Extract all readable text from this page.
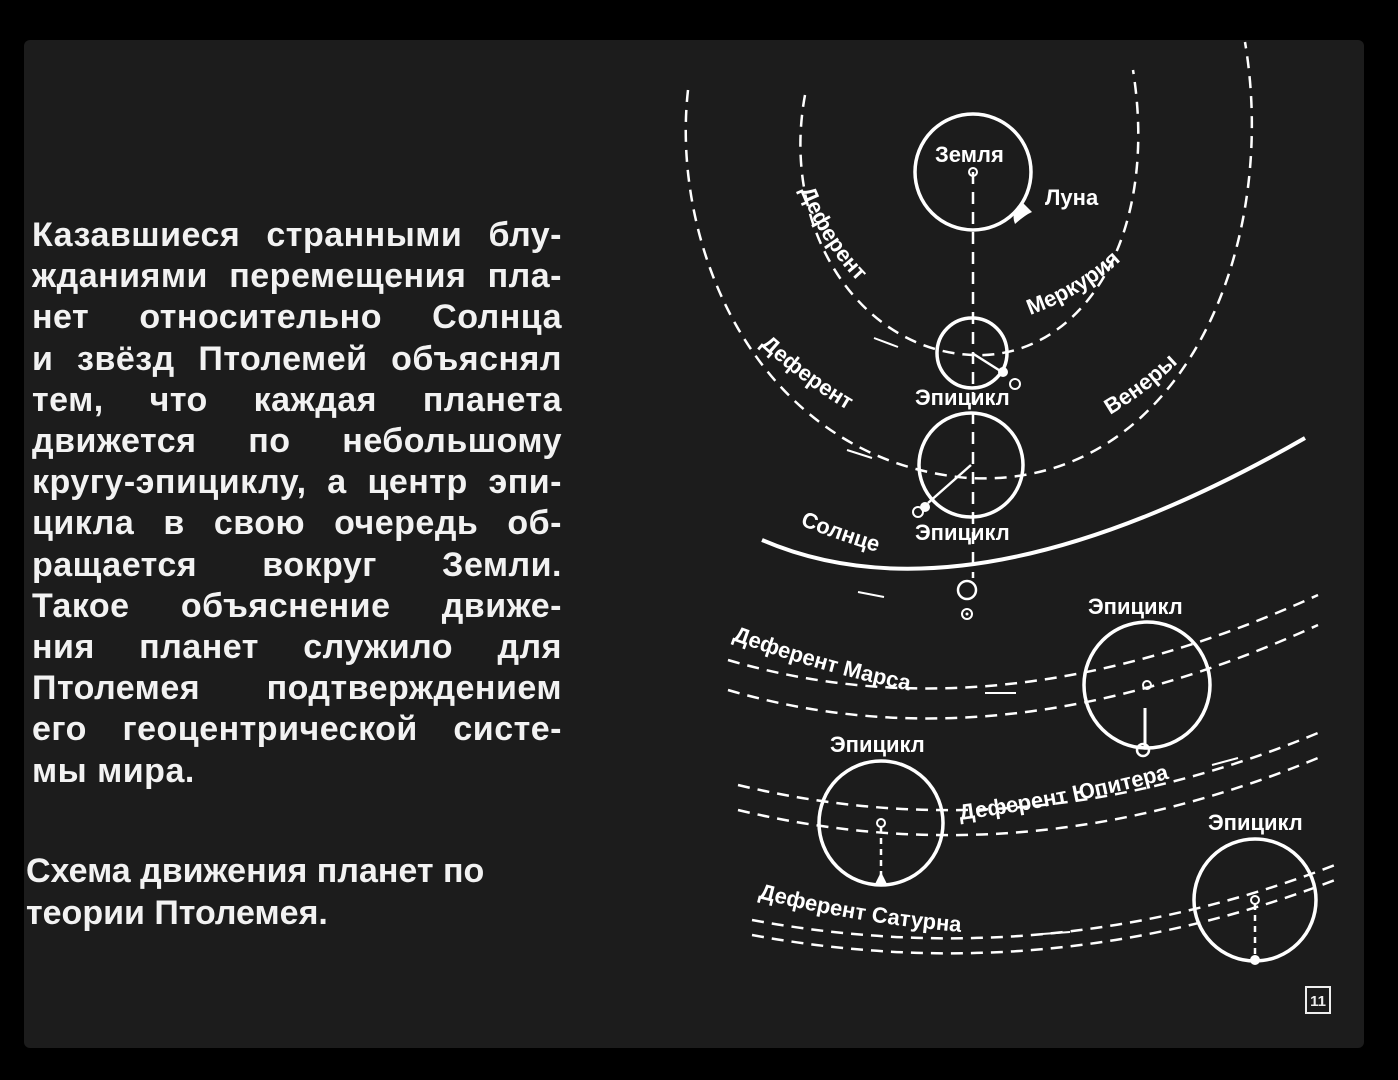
Казавшиеся странными блу-
жданиями перемещения пла-
нет относительно Солнца
и звёзд Птолемей объяснял
тем, что каждая планета
движется по небольшому
кругу-эпициклу, а центр эпи-
цикла в свою очередь об-
ращается вокруг Земли.
Такое объяснение движе-
ния планет служило для
Птолемея подтверждением
его геоцентрической систе-
мы мира.

Схема движения планет по
теории Птолемея.

Земля
Луна
Эпицикл
Эпицикл
Эпицикл
Эпицикл
Эпицикл
Деферент
Меркурия
Деферент	Венеры
Солнце
Деферент Марса
Деферент Юпитера
Деферент Сатурна
11
